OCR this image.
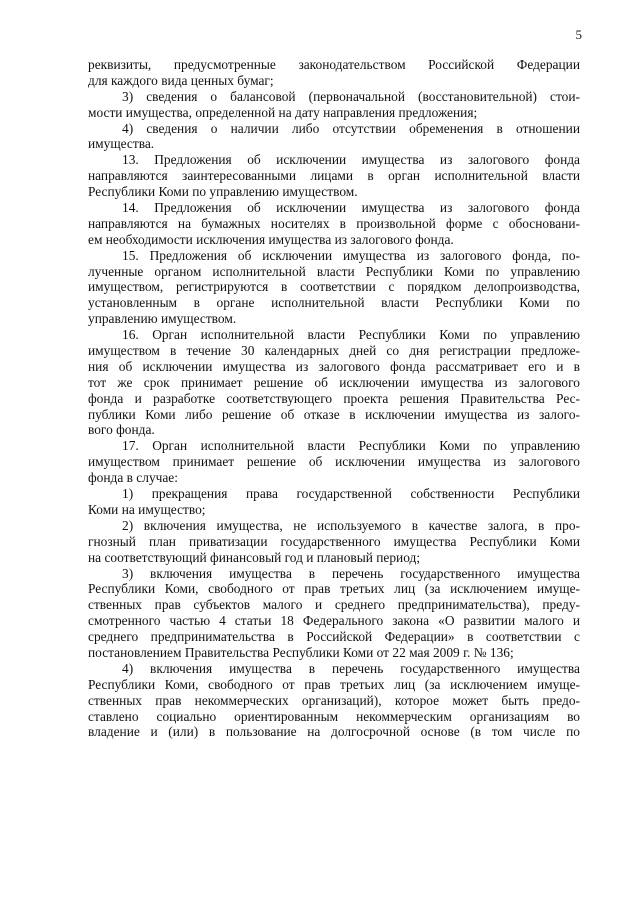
5
реквизиты, предусмотренные законодательством Российской Федерации
для каждого вида ценных бумаг;
3) сведения о балансовой (первоначальной (восстановительной) стои-
мости имущества, определенной на дату направления предложения;
4) сведения о наличии либо отсутствии обременения в отношении
имущества.
13. Предложения об исключении имущества из залогового фонда
направляются заинтересованными лицами в орган исполнительной власти
Республики Коми по управлению имуществом.
14. Предложения об исключении имущества из залогового фонда
направляются на бумажных носителях в произвольной форме с обосновани-
ем необходимости исключения имущества из залогового фонда.
15. Предложения об исключении имущества из залогового фонда, по-
лученные органом исполнительной власти Республики Коми по управлению
имуществом, регистрируются в соответствии с порядком делопроизводства,
установленным в органе исполнительной власти Республики Коми по
управлению имуществом.
16. Орган исполнительной власти Республики Коми по управлению
имуществом в течение 30 календарных дней со дня регистрации предложе-
ния об исключении имущества из залогового фонда рассматривает его и в
тот же срок принимает решение об исключении имущества из залогового
фонда и разработке соответствующего проекта решения Правительства Рес-
публики Коми либо решение об отказе в исключении имущества из залого-
вого фонда.
17. Орган исполнительной власти Республики Коми по управлению
имуществом принимает решение об исключении имущества из залогового
фонда в случае:
1) прекращения права государственной собственности Республики
Коми на имущество;
2) включения имущества, не используемого в качестве залога, в про-
гнозный план приватизации государственного имущества Республики Коми
на соответствующий финансовый год и плановый период;
3) включения имущества в перечень государственного имущества
Республики Коми, свободного от прав третьих лиц (за исключением имуще-
ственных прав субъектов малого и среднего предпринимательства), преду-
смотренного частью 4 статьи 18 Федерального закона «О развитии малого и
среднего предпринимательства в Российской Федерации» в соответствии с
постановлением Правительства Республики Коми от 22 мая 2009 г. № 136;
4) включения имущества в перечень государственного имущества
Республики Коми, свободного от прав третьих лиц (за исключением имуще-
ственных прав некоммерческих организаций), которое может быть предо-
ставлено социально ориентированным некоммерческим организациям во
владение и (или) в пользование на долгосрочной основе (в том числе по
